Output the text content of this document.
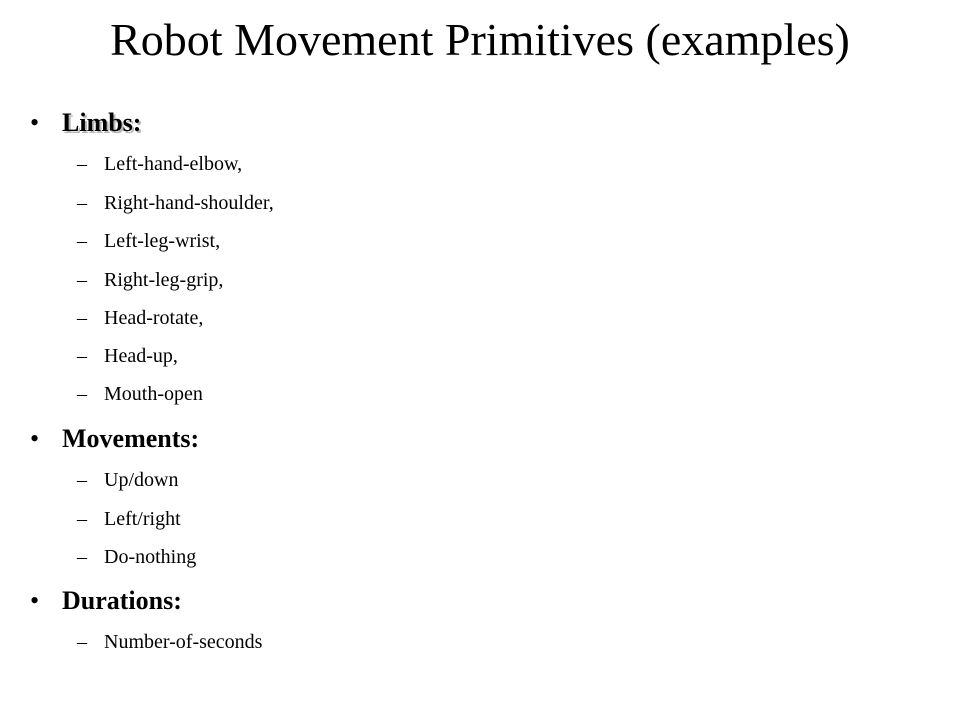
Robot Movement Primitives (examples)
• Limbs:
– Left-hand-elbow,
– Right-hand-shoulder,
– Left-leg-wrist,
– Right-leg-grip,
– Head-rotate,
– Head-up,
– Mouth-open
• Movements:
– Up/down
– Left/right
– Do-nothing
• Durations:
– Number-of-seconds
